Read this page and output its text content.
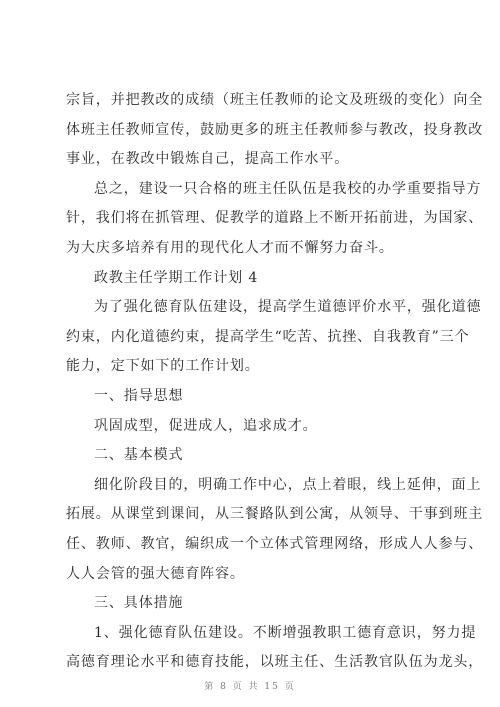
宗旨，并把教改的成绩（班主任教师的论文及班级的变化）向全
体班主任教师宣传，鼓励更多的班主任教师参与教改，投身教改
事业，在教改中锻炼自己，提高工作水平。
总之，建设一只合格的班主任队伍是我校的办学重要指导方
针，我们将在抓管理、促教学的道路上不断开拓前进，为国家、
为大庆多培养有用的现代化人才而不懈努力奋斗。
政教主任学期工作计划 4
为了强化德育队伍建设，提高学生道德评价水平，强化道德
约束，内化道德约束，提高学生“吃苦、抗挫、自我教育”三个
能力，定下如下的工作计划。
一、指导思想
巩固成型，促进成人，追求成才。
二、基本模式
细化阶段目的，明确工作中心，点上着眼，线上延伸，面上
拓展。从课堂到课间，从三餐路队到公寓，从领导、干事到班主
任、教师、教官，编织成一个立体式管理网络，形成人人参与、
人人会管的强大德育阵容。
三、具体措施
1、强化德育队伍建设。不断增强教职工德育意识，努力提
高德育理论水平和德育技能，以班主任、生活教官队伍为龙头，
第 8 页 共 15 页
